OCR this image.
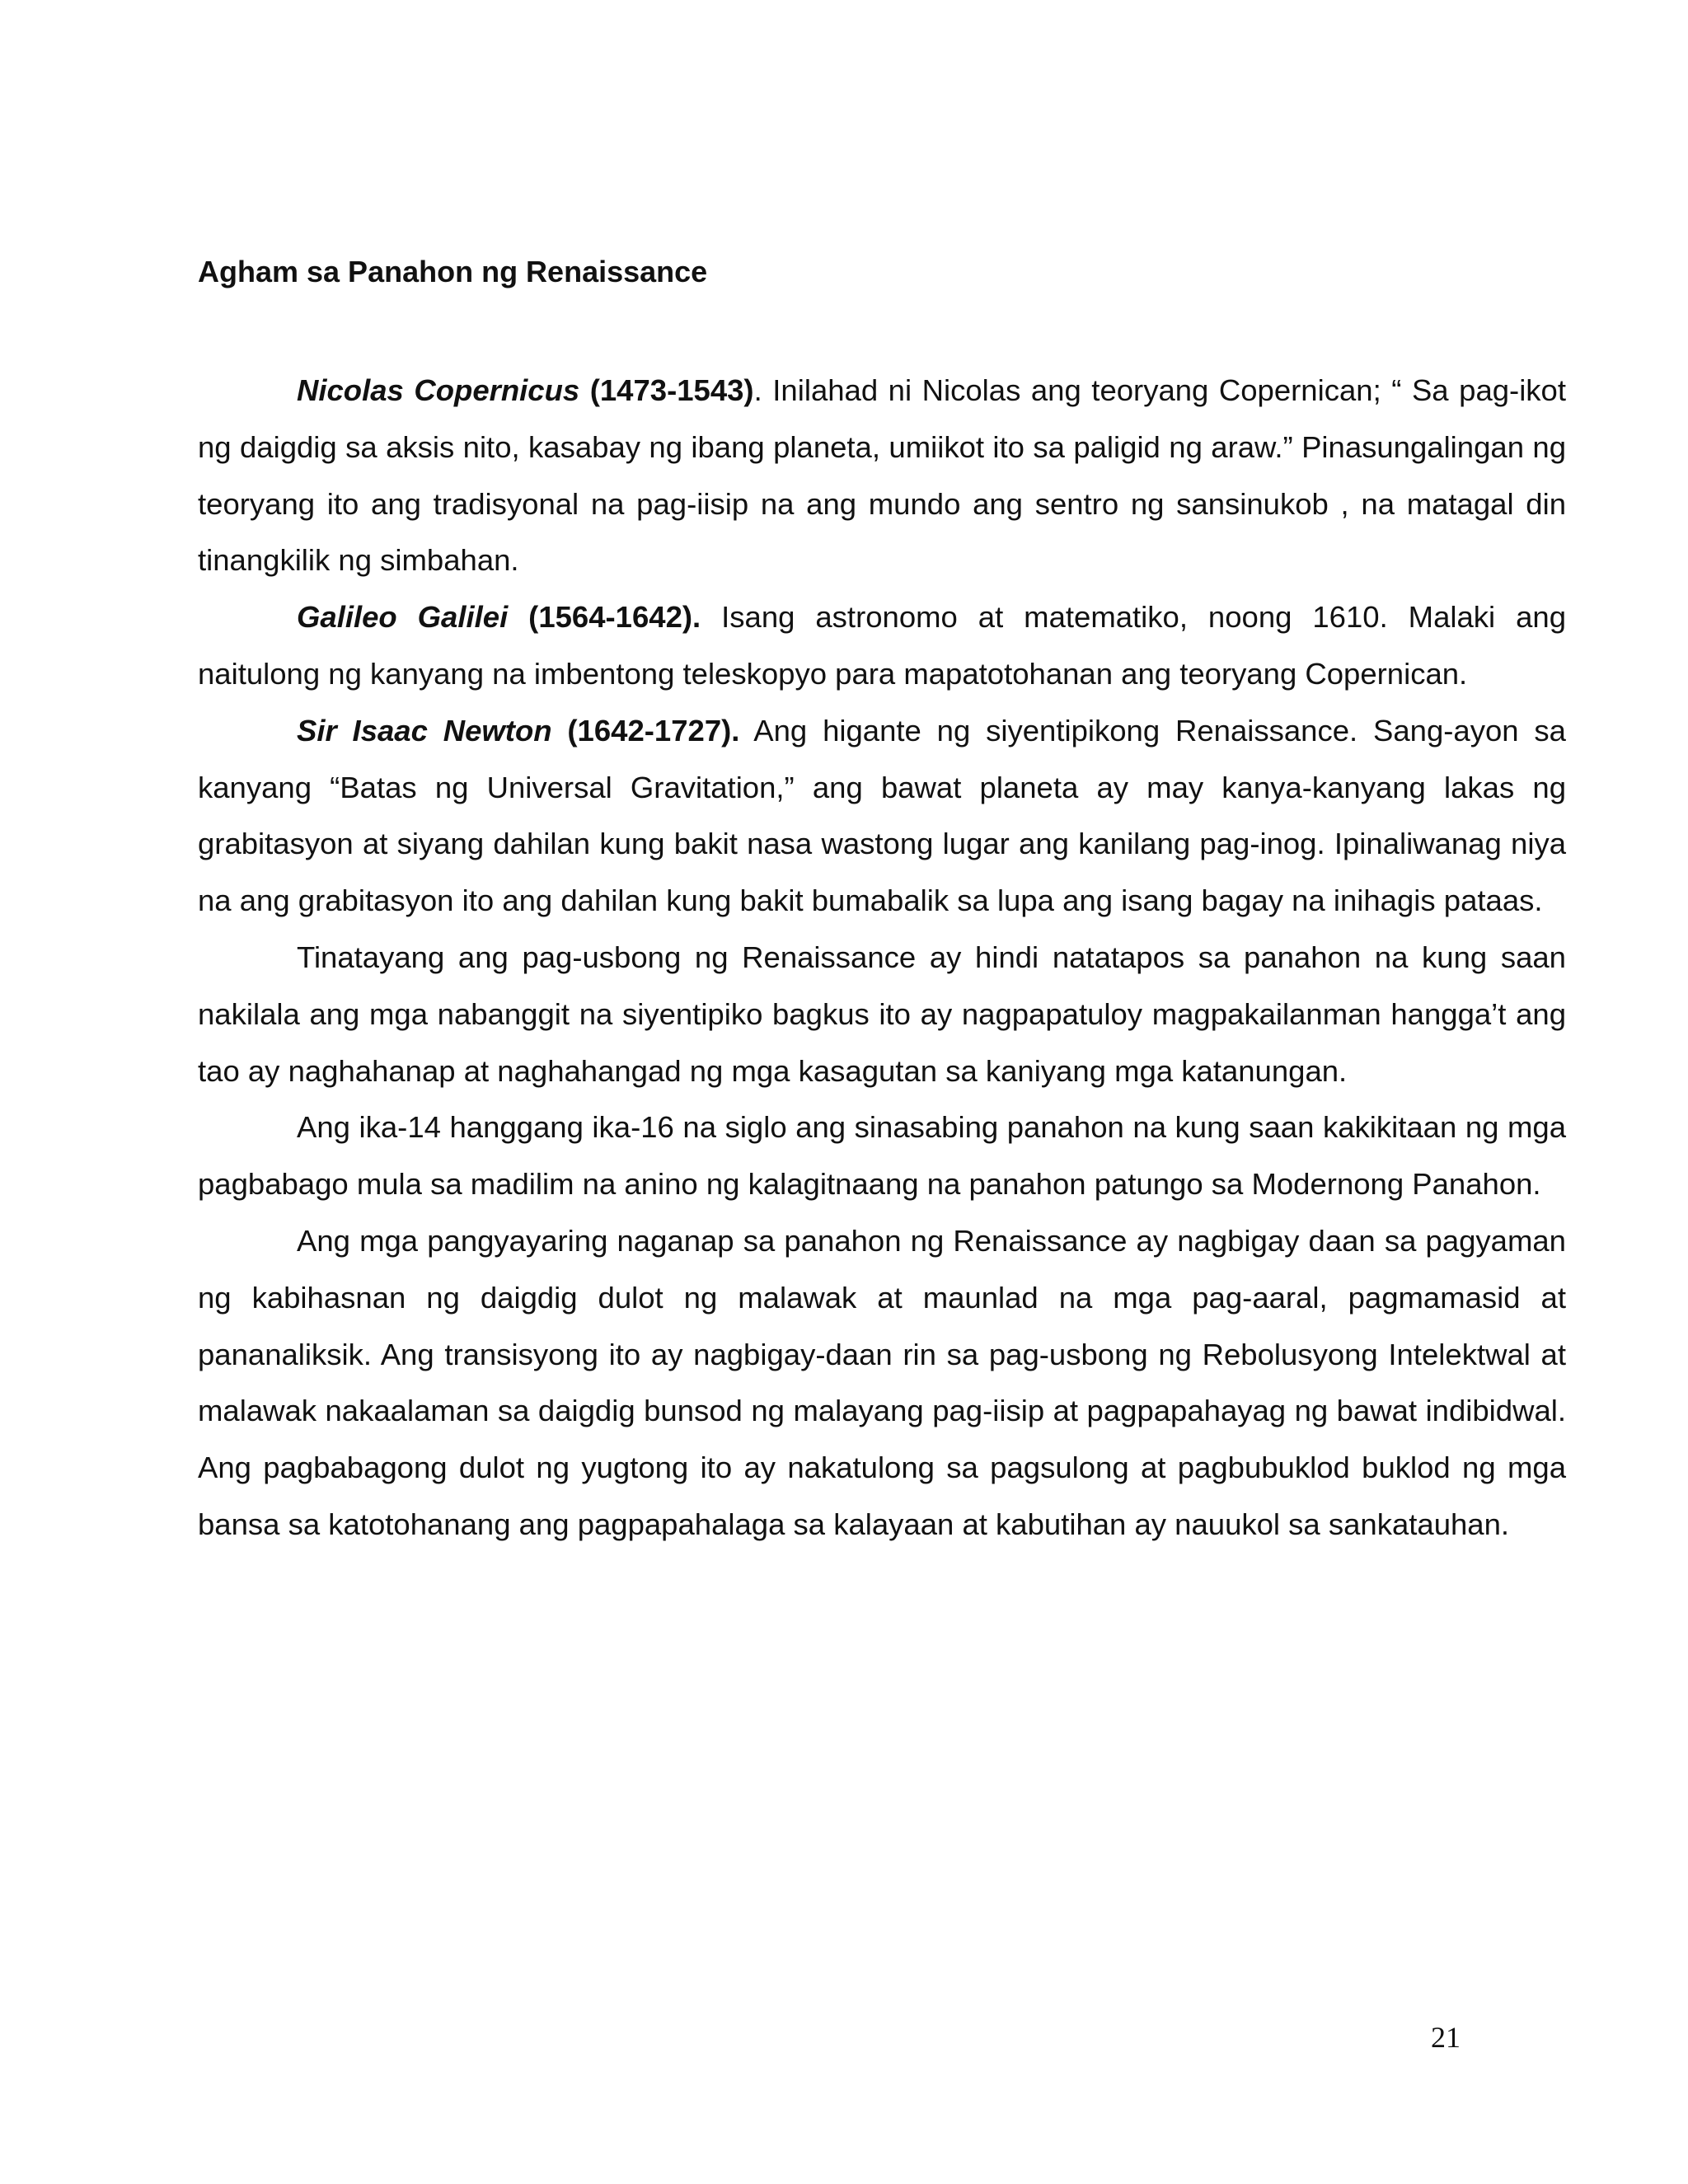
Agham sa Panahon ng Renaissance

Nicolas Copernicus (1473-1543). Inilahad ni Nicolas ang teoryang Copernican; “ Sa pag-ikot ng daigdig sa aksis nito, kasabay ng ibang planeta, umiikot ito sa paligid ng araw.” Pinasungalingan ng teoryang ito ang tradisyonal na pag-iisip na ang mundo ang sentro ng sansinukob , na matagal din tinangkilik ng simbahan.

Galileo Galilei (1564-1642). Isang astronomo at matematiko, noong 1610. Malaki ang naitulong ng kanyang na imbentong teleskopyo para mapatotohanan ang teoryang Copernican.

Sir Isaac Newton (1642-1727). Ang higante ng siyentipikong Renaissance. Sang-ayon sa kanyang “Batas ng Universal Gravitation,” ang bawat planeta ay may kanya-kanyang lakas ng grabitasyon at siyang dahilan kung bakit nasa wastong lugar ang kanilang pag-inog. Ipinaliwanag niya na ang grabitasyon ito ang dahilan kung bakit bumabalik sa lupa ang isang bagay na inihagis pataas.

Tinatayang ang pag-usbong ng Renaissance ay hindi natatapos sa panahon na kung saan nakilala ang mga nabanggit na siyentipiko bagkus ito ay nagpapatuloy magpakailanman hangga’t ang tao ay naghahanap at naghahangad ng mga kasagutan sa kaniyang mga katanungan.

Ang ika-14 hanggang ika-16 na siglo ang sinasabing panahon na kung saan kakikitaan ng mga pagbabago mula sa madilim na anino ng kalagitnaang na panahon patungo sa Modernong Panahon.

Ang mga pangyayaring naganap sa panahon ng Renaissance ay nagbigay daan sa pagyaman ng kabihasnan ng daigdig dulot ng malawak at maunlad na mga pag-aaral, pagmamasid at pananaliksik. Ang transisyong ito ay nagbigay-daan rin sa pag-usbong ng Rebolusyong Intelektwal at malawak nakaalaman sa daigdig bunsod ng malayang pag-iisip at pagpapahayag ng bawat indibidwal. Ang pagbabagong dulot ng yugtong ito ay nakatulong sa pagsulong at pagbubuklod buklod ng mga bansa sa katotohanang ang pagpapahalaga sa kalayaan at kabutihan ay nauukol sa sankatauhan.

21
